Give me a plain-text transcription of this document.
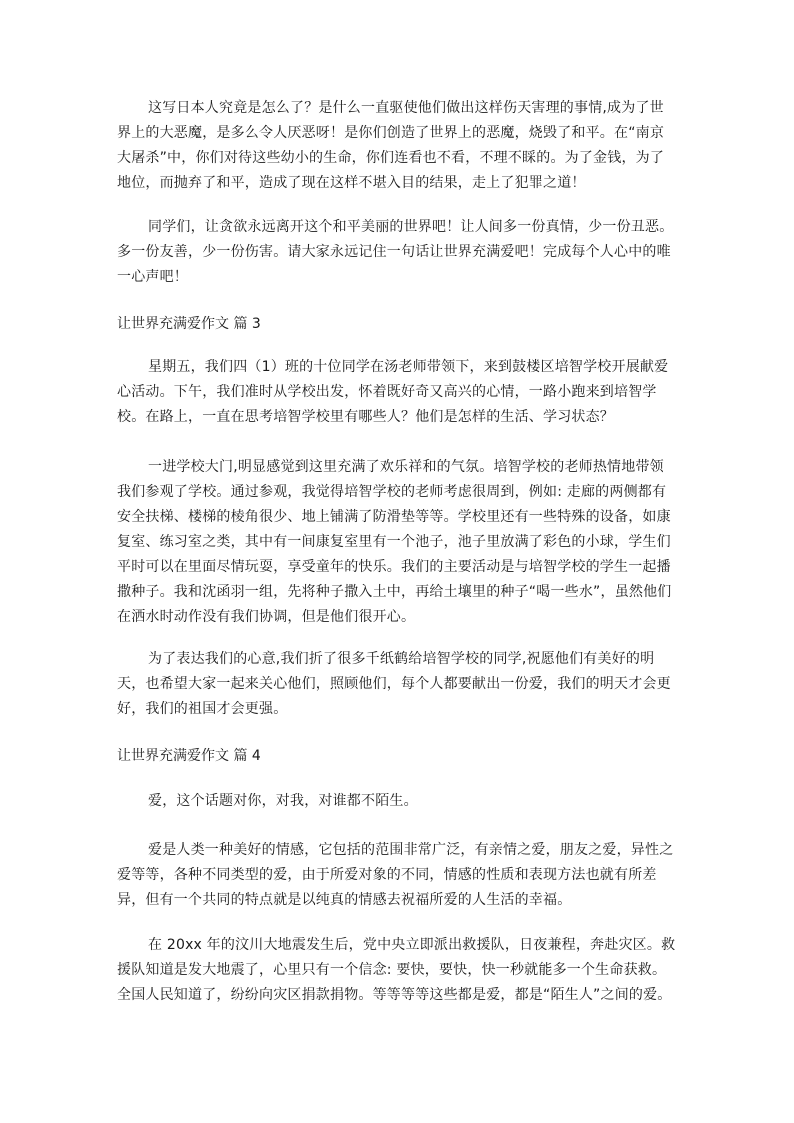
这写日本人究竟是怎么了？是什么一直驱使他们做出这样伤天害理的事情,成为了世界上的大恶魔，是多么令人厌恶呀！是你们创造了世界上的恶魔，烧毁了和平。在“南京大屠杀”中，你们对待这些幼小的生命，你们连看也不看，不理不睬的。为了金钱，为了地位，而抛弃了和平，造成了现在这样不堪入目的结果，走上了犯罪之道！

同学们，让贪欲永远离开这个和平美丽的世界吧！让人间多一份真情，少一份丑恶。多一份友善，少一份伤害。请大家永远记住一句话让世界充满爱吧！完成每个人心中的唯一心声吧！

让世界充满爱作文 篇 3

星期五，我们四（1）班的十位同学在汤老师带领下，来到鼓楼区培智学校开展献爱心活动。下午，我们准时从学校出发，怀着既好奇又高兴的心情，一路小跑来到培智学校。在路上，一直在思考培智学校里有哪些人？他们是怎样的生活、学习状态？

一进学校大门,明显感觉到这里充满了欢乐祥和的气氛。培智学校的老师热情地带领我们参观了学校。通过参观，我觉得培智学校的老师考虑很周到，例如: 走廊的两侧都有安全扶梯、楼梯的棱角很少、地上铺满了防滑垫等等。学校里还有一些特殊的设备，如康复室、练习室之类，其中有一间康复室里有一个池子，池子里放满了彩色的小球，学生们平时可以在里面尽情玩耍，享受童年的快乐。我们的主要活动是与培智学校的学生一起播撒种子。我和沈函羽一组，先将种子撒入土中，再给土壤里的种子“喝一些水”，虽然他们在洒水时动作没有我们协调，但是他们很开心。

为了表达我们的心意,我们折了很多千纸鹤给培智学校的同学,祝愿他们有美好的明天，也希望大家一起来关心他们，照顾他们，每个人都要献出一份爱，我们的明天才会更好，我们的祖国才会更强。

让世界充满爱作文 篇 4

爱，这个话题对你，对我，对谁都不陌生。

爱是人类一种美好的情感，它包括的范围非常广泛，有亲情之爱，朋友之爱，异性之爱等等，各种不同类型的爱，由于所爱对象的不同，情感的性质和表现方法也就有所差异，但有一个共同的特点就是以纯真的情感去祝福所爱的人生活的幸福。

在 20xx 年的汶川大地震发生后，党中央立即派出救援队，日夜兼程，奔赴灾区。救援队知道是发大地震了，心里只有一个信念: 要快，要快，快一秒就能多一个生命获救。全国人民知道了，纷纷向灾区捐款捐物。等等等等这些都是爱，都是“陌生人”之间的爱。
